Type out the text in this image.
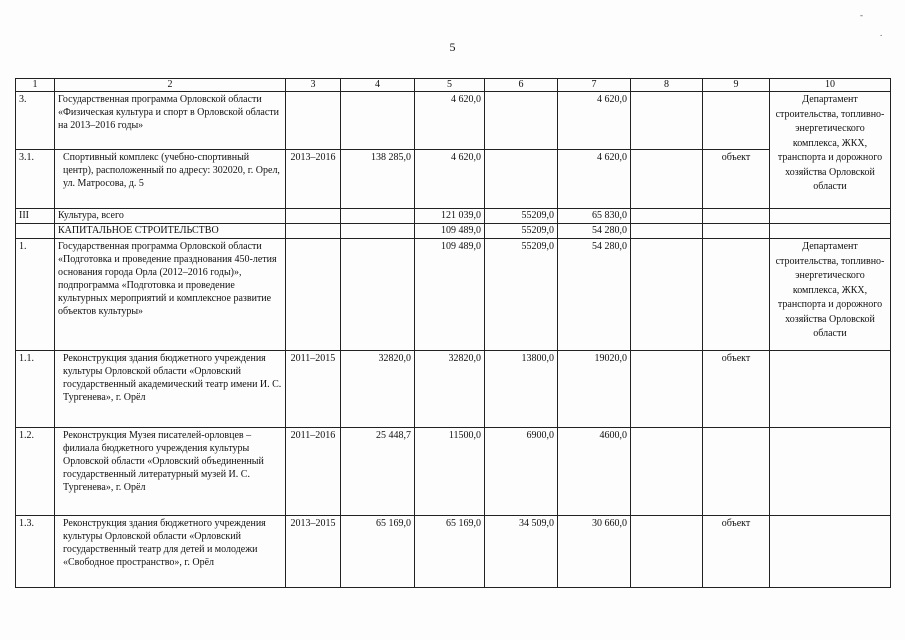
5
-
.
1	2	3	4	5	6	7	8	9	10
3.	Государственная программа Орловской области «Физическая культура и спорт в Орловской области на 2013–2016 годы»			4 620,0		4 620,0			Департамент строительства, топливно-энергетического комплекса, ЖКХ, транспорта и дорожного хозяйства Орловской области
3.1.	Спортивный комплекс (учебно-спортивный центр), расположенный по адресу: 302020, г. Орел, ул. Матросова, д. 5	2013–2016	138 285,0	4 620,0		4 620,0		объект	
III	Культура, всего			121 039,0	55209,0	65 830,0			
	КАПИТАЛЬНОЕ СТРОИТЕЛЬСТВО			109 489,0	55209,0	54 280,0			
1.	Государственная программа Орловской области «Подготовка и проведение празднования 450-летия основания города Орла (2012–2016 годы)», подпрограмма «Подготовка и проведение культурных мероприятий и комплексное развитие объектов культуры»			109 489,0	55209,0	54 280,0			Департамент строительства, топливно-энергетического комплекса, ЖКХ, транспорта и дорожного хозяйства Орловской области
1.1.	Реконструкция здания бюджетного учреждения культуры Орловской области «Орловский государственный академический театр имени И. С. Тургенева», г. Орёл	2011–2015	32820,0	32820,0	13800,0	19020,0		объект	
1.2.	Реконструкция Музея писателей-орловцев – филиала бюджетного учреждения культуры Орловской области «Орловский объединенный государственный литературный музей И. С. Тургенева», г. Орёл	2011–2016	25 448,7	11500,0	6900,0	4600,0			
1.3.	Реконструкция здания бюджетного учреждения культуры Орловской области «Орловский государственный театр для детей и молодежи «Свободное пространство», г. Орёл	2013–2015	65 169,0	65 169,0	34 509,0	30 660,0		объект	
